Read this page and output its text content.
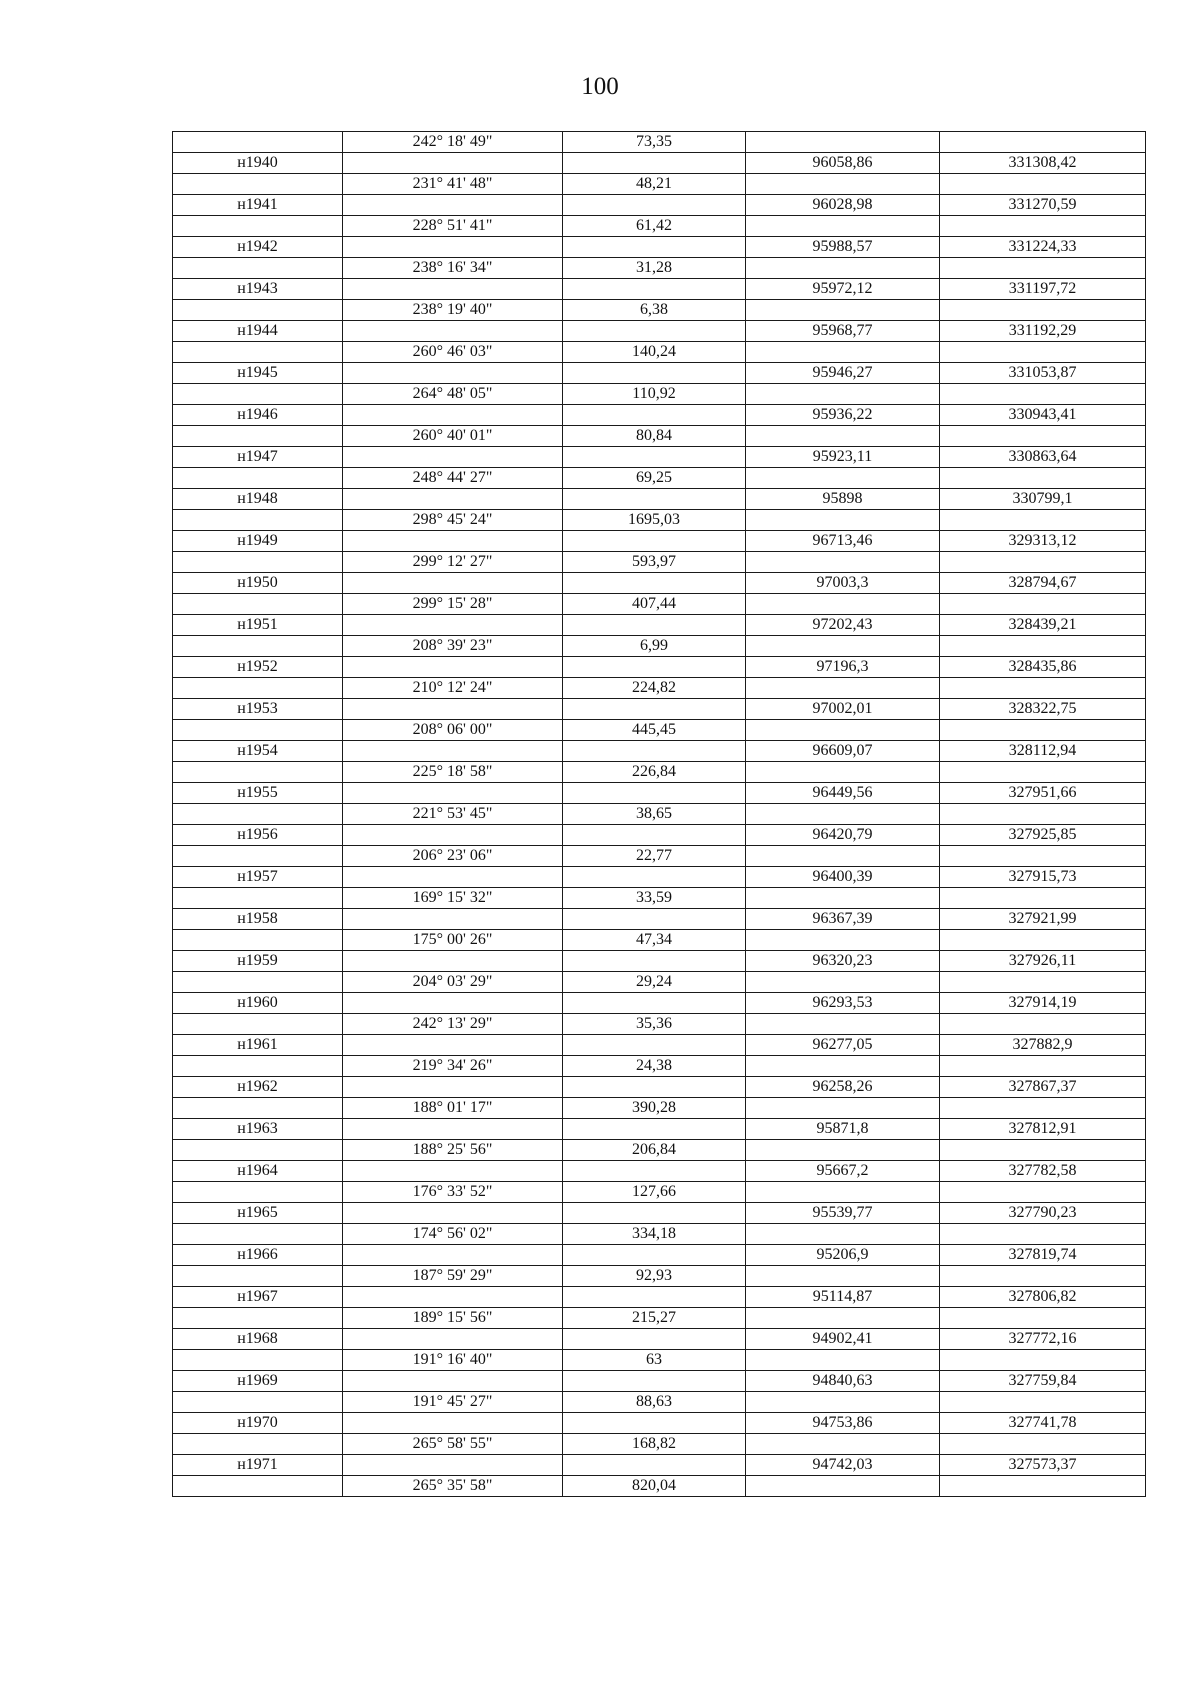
100
	242° 18' 49"	73,35		
н1940			96058,86	331308,42
	231° 41' 48"	48,21		
н1941			96028,98	331270,59
	228° 51' 41"	61,42		
н1942			95988,57	331224,33
	238° 16' 34"	31,28		
н1943			95972,12	331197,72
	238° 19' 40"	6,38		
н1944			95968,77	331192,29
	260° 46' 03"	140,24		
н1945			95946,27	331053,87
	264° 48' 05"	110,92		
н1946			95936,22	330943,41
	260° 40' 01"	80,84		
н1947			95923,11	330863,64
	248° 44' 27"	69,25		
н1948			95898	330799,1
	298° 45' 24"	1695,03		
н1949			96713,46	329313,12
	299° 12' 27"	593,97		
н1950			97003,3	328794,67
	299° 15' 28"	407,44		
н1951			97202,43	328439,21
	208° 39' 23"	6,99		
н1952			97196,3	328435,86
	210° 12' 24"	224,82		
н1953			97002,01	328322,75
	208° 06' 00"	445,45		
н1954			96609,07	328112,94
	225° 18' 58"	226,84		
н1955			96449,56	327951,66
	221° 53' 45"	38,65		
н1956			96420,79	327925,85
	206° 23' 06"	22,77		
н1957			96400,39	327915,73
	169° 15' 32"	33,59		
н1958			96367,39	327921,99
	175° 00' 26"	47,34		
н1959			96320,23	327926,11
	204° 03' 29"	29,24		
н1960			96293,53	327914,19
	242° 13' 29"	35,36		
н1961			96277,05	327882,9
	219° 34' 26"	24,38		
н1962			96258,26	327867,37
	188° 01' 17"	390,28		
н1963			95871,8	327812,91
	188° 25' 56"	206,84		
н1964			95667,2	327782,58
	176° 33' 52"	127,66		
н1965			95539,77	327790,23
	174° 56' 02"	334,18		
н1966			95206,9	327819,74
	187° 59' 29"	92,93		
н1967			95114,87	327806,82
	189° 15' 56"	215,27		
н1968			94902,41	327772,16
	191° 16' 40"	63		
н1969			94840,63	327759,84
	191° 45' 27"	88,63		
н1970			94753,86	327741,78
	265° 58' 55"	168,82		
н1971			94742,03	327573,37
	265° 35' 58"	820,04		
